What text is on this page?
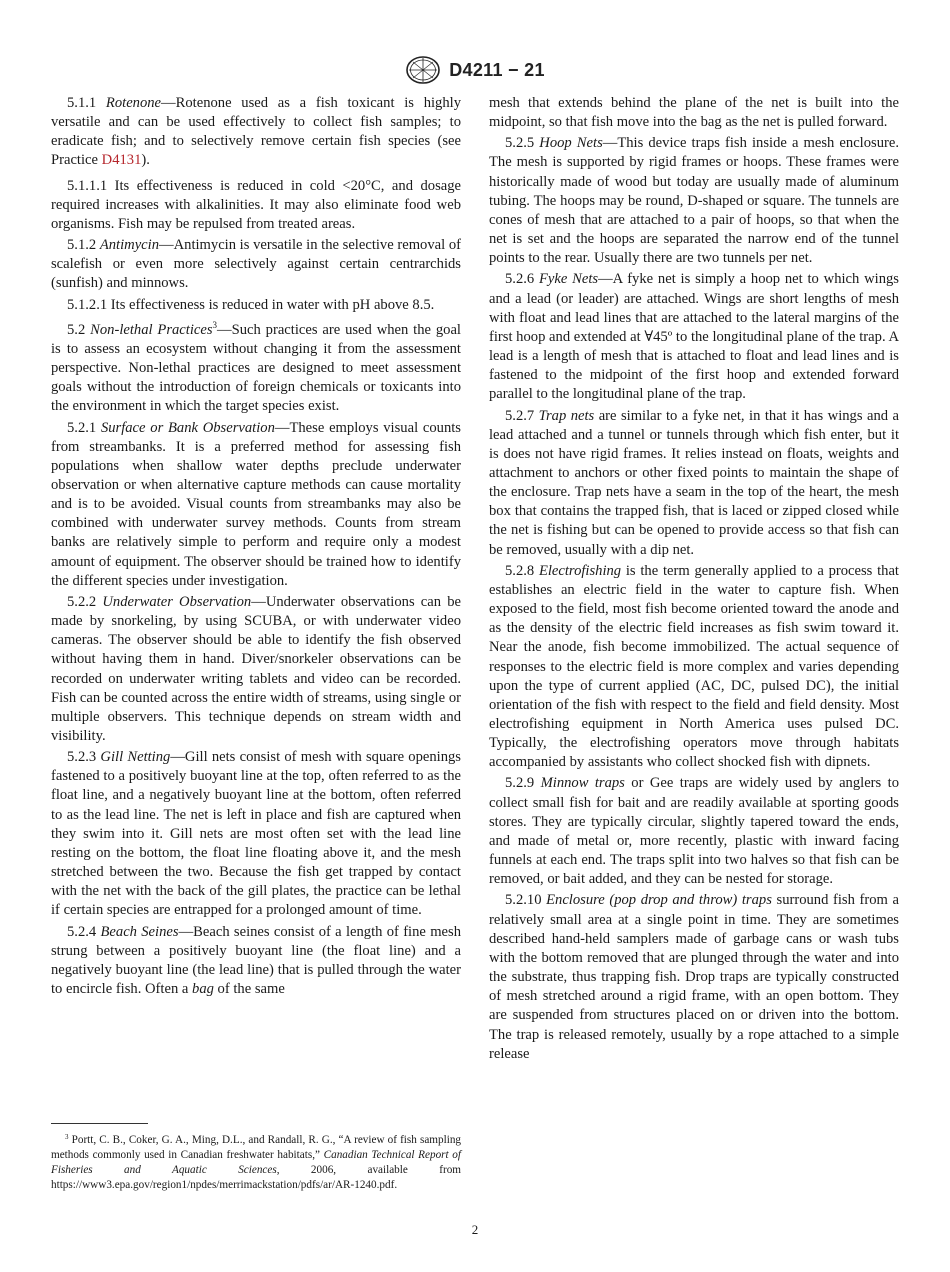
D4211 − 21

5.1.1 Rotenone—Rotenone used as a fish toxicant is highly versatile and can be used effectively to collect fish samples; to eradicate fish; and to selectively remove certain fish species (see Practice D4131).

5.1.1.1 Its effectiveness is reduced in cold <20°C, and dosage required increases with alkalinities. It may also eliminate food web organisms. Fish may be repulsed from treated areas.

5.1.2 Antimycin—Antimycin is versatile in the selective removal of scalefish or even more selectively against certain centrarchids (sunfish) and minnows.

5.1.2.1 Its effectiveness is reduced in water with pH above 8.5.

5.2 Non-lethal Practices$^3$—Such practices are used when the goal is to assess an ecosystem without changing it from the assessment perspective. Non-lethal practices are designed to meet assessment goals without the introduction of foreign chemicals or toxicants into the environment in which the target species exist.

5.2.1 Surface or Bank Observation—These employs visual counts from streambanks. It is a preferred method for assessing fish populations when shallow water depths preclude underwater observation or when alternative capture methods can cause mortality and is to be avoided. Visual counts from streambanks may also be combined with underwater survey methods. Counts from stream banks are relatively simple to perform and require only a modest amount of equipment. The observer should be trained how to identify the different species under investigation.

5.2.2 Underwater Observation—Underwater observations can be made by snorkeling, by using SCUBA, or with underwater video cameras. The observer should be able to identify the fish observed without having them in hand. Diver/snorkeler observations can be recorded on underwater writing tablets and video can be recorded. Fish can be counted across the entire width of streams, using single or multiple observers. This technique depends on stream width and visibility.

5.2.3 Gill Netting—Gill nets consist of mesh with square openings fastened to a positively buoyant line at the top, often referred to as the float line, and a negatively buoyant line at the bottom, often referred to as the lead line. The net is left in place and fish are captured when they swim into it. Gill nets are most often set with the lead line resting on the bottom, the float line floating above it, and the mesh stretched between the two. Because the fish get trapped by contact with the net with the back of the gill plates, the practice can be lethal if certain species are entrapped for a prolonged amount of time.

5.2.4 Beach Seines—Beach seines consist of a length of fine mesh strung between a positively buoyant line (the float line) and a negatively buoyant line (the lead line) that is pulled through the water to encircle fish. Often a bag of the same

mesh that extends behind the plane of the net is built into the midpoint, so that fish move into the bag as the net is pulled forward.

5.2.5 Hoop Nets—This device traps fish inside a mesh enclosure. The mesh is supported by rigid frames or hoops. These frames were historically made of wood but today are usually made of aluminum tubing. The hoops may be round, D-shaped or square. The tunnels are cones of mesh that are attached to a pair of hoops, so that when the net is set and the hoops are separated the narrow end of the tunnel points to the rear. Usually there are two tunnels per net.

5.2.6 Fyke Nets—A fyke net is simply a hoop net to which wings and a lead (or leader) are attached. Wings are short lengths of mesh with float and lead lines that are attached to the lateral margins of the first hoop and extended at ∀45º to the longitudinal plane of the trap. A lead is a length of mesh that is attached to float and lead lines and is fastened to the midpoint of the first hoop and extended forward parallel to the longitudinal plane of the trap.

5.2.7 Trap nets are similar to a fyke net, in that it has wings and a lead attached and a tunnel or tunnels through which fish enter, but it is does not have rigid frames. It relies instead on floats, weights and attachment to anchors or other fixed points to maintain the shape of the enclosure. Trap nets have a seam in the top of the heart, the mesh box that contains the trapped fish, that is laced or zipped closed while the net is fishing but can be opened to provide access so that fish can be removed, usually with a dip net.

5.2.8 Electrofishing is the term generally applied to a process that establishes an electric field in the water to capture fish. When exposed to the field, most fish become oriented toward the anode and as the density of the electric field increases as fish swim toward it. Near the anode, fish become immobilized. The actual sequence of responses to the electric field is more complex and varies depending upon the type of current applied (AC, DC, pulsed DC), the initial orientation of the fish with respect to the field and field density. Most electrofishing equipment in North America uses pulsed DC. Typically, the electrofishing operators move through habitats accompanied by assistants who collect shocked fish with dipnets.

5.2.9 Minnow traps or Gee traps are widely used by anglers to collect small fish for bait and are readily available at sporting goods stores. They are typically circular, slightly tapered toward the ends, and made of metal or, more recently, plastic with inward facing funnels at each end. The traps split into two halves so that fish can be removed, or bait added, and they can be nested for storage.

5.2.10 Enclosure (pop drop and throw) traps surround fish from a relatively small area at a single point in time. They are sometimes described hand-held samplers made of garbage cans or wash tubs with the bottom removed that are plunged through the water and into the substrate, thus trapping fish. Drop traps are typically constructed of mesh stretched around a rigid frame, with an open bottom. They are suspended from structures placed on or driven into the bottom. The trap is released remotely, usually by a rope attached to a simple release

$^3$ Portt, C. B., Coker, G. A., Ming, D.L., and Randall, R. G., “A review of fish sampling methods commonly used in Canadian freshwater habitats,” Canadian Technical Report of Fisheries and Aquatic Sciences, 2006, available from https://www3.epa.gov/region1/npdes/merrimackstation/pdfs/ar/AR-1240.pdf.
2
